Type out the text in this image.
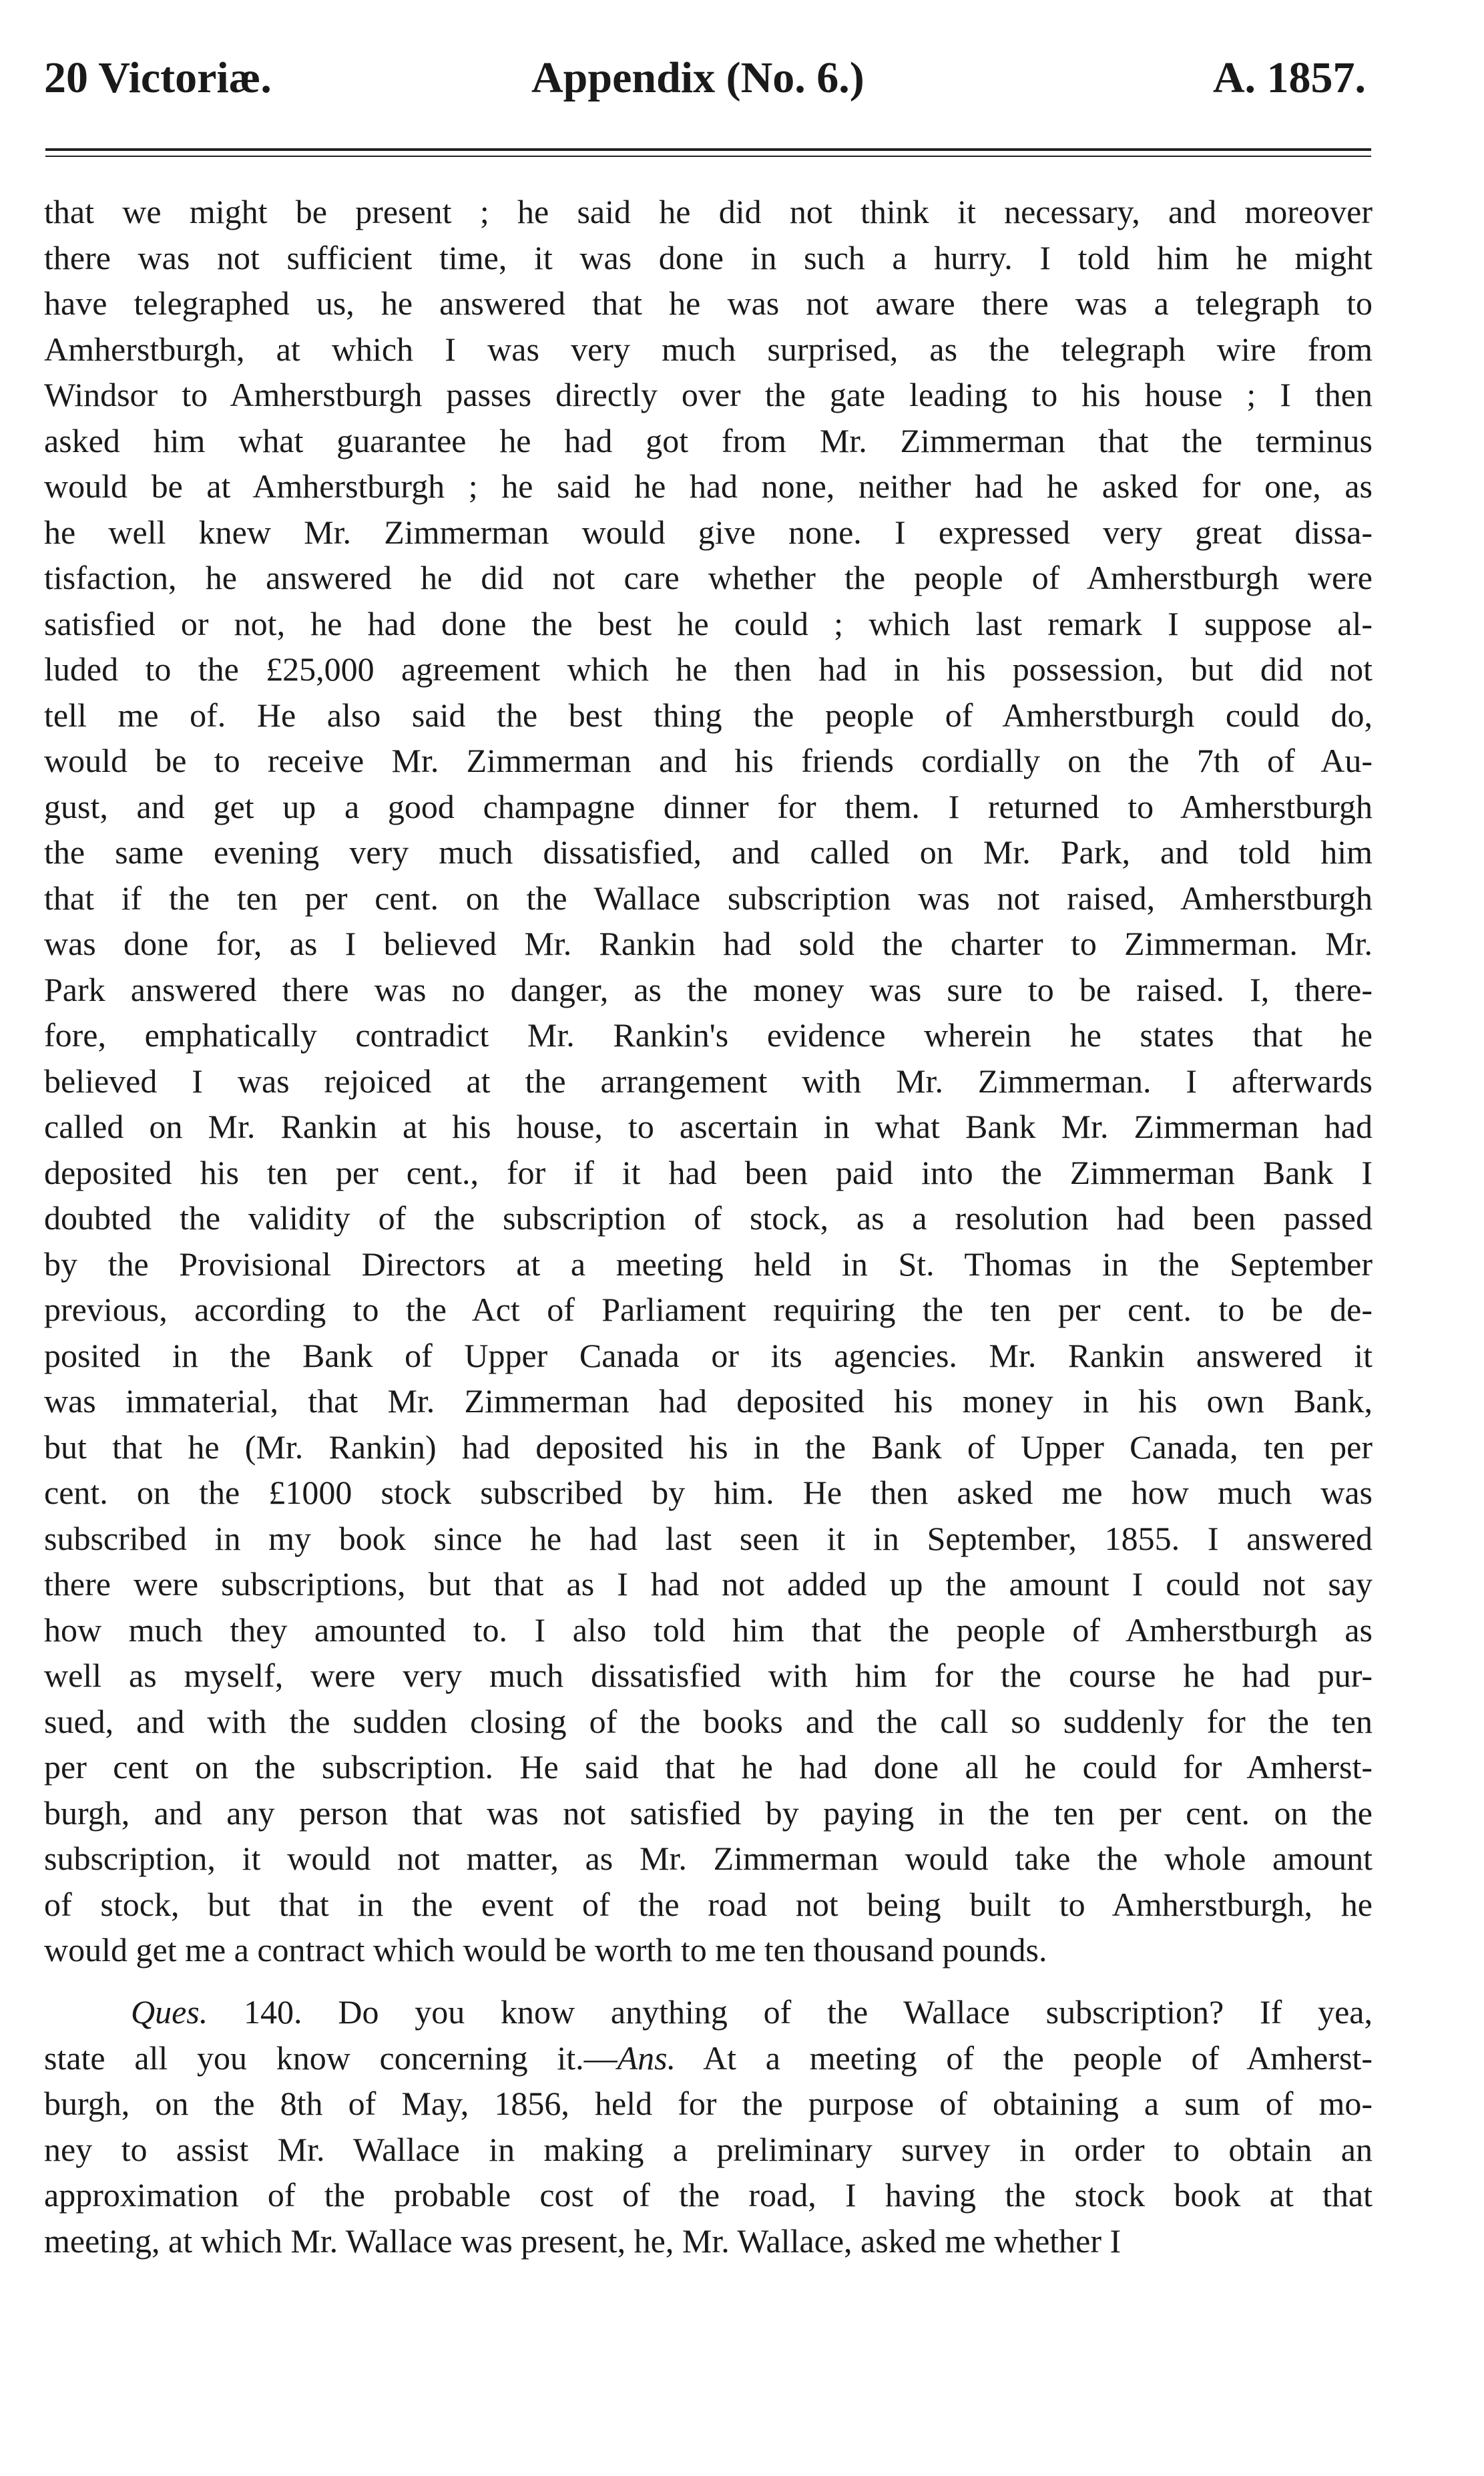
20 Victoriæ.	Appendix (No. 6.)	A. 1857.
that we might be present ; he said he did not think it necessary, and moreover
there was not sufficient time, it was done in such a hurry. I told him he might
have telegraphed us, he answered that he was not aware there was a telegraph to
Amherstburgh, at which I was very much surprised, as the telegraph wire from
Windsor to Amherstburgh passes directly over the gate leading to his house ; I then
asked him what guarantee he had got from Mr. Zimmerman that the terminus
would be at Amherstburgh ; he said he had none, neither had he asked for one, as
he well knew Mr. Zimmerman would give none. I expressed very great dissa-
tisfaction, he answered he did not care whether the people of Amherstburgh were
satisfied or not, he had done the best he could ; which last remark I suppose al-
luded to the £25,000 agreement which he then had in his possession, but did not
tell me of. He also said the best thing the people of Amherstburgh could do,
would be to receive Mr. Zimmerman and his friends cordially on the 7th of Au-
gust, and get up a good champagne dinner for them. I returned to Amherstburgh
the same evening very much dissatisfied, and called on Mr. Park, and told him
that if the ten per cent. on the Wallace subscription was not raised, Amherstburgh
was done for, as I believed Mr. Rankin had sold the charter to Zimmerman. Mr.
Park answered there was no danger, as the money was sure to be raised. I, there-
fore, emphatically contradict Mr. Rankin's evidence wherein he states that he
believed I was rejoiced at the arrangement with Mr. Zimmerman. I afterwards
called on Mr. Rankin at his house, to ascertain in what Bank Mr. Zimmerman had
deposited his ten per cent., for if it had been paid into the Zimmerman Bank I
doubted the validity of the subscription of stock, as a resolution had been passed
by the Provisional Directors at a meeting held in St. Thomas in the September
previous, according to the Act of Parliament requiring the ten per cent. to be de-
posited in the Bank of Upper Canada or its agencies. Mr. Rankin answered it
was immaterial, that Mr. Zimmerman had deposited his money in his own Bank,
but that he (Mr. Rankin) had deposited his in the Bank of Upper Canada, ten per
cent. on the £1000 stock subscribed by him. He then asked me how much was
subscribed in my book since he had last seen it in September, 1855. I answered
there were subscriptions, but that as I had not added up the amount I could not say
how much they amounted to. I also told him that the people of Amherstburgh as
well as myself, were very much dissatisfied with him for the course he had pur-
sued, and with the sudden closing of the books and the call so suddenly for the ten
per cent on the subscription. He said that he had done all he could for Amherst-
burgh, and any person that was not satisfied by paying in the ten per cent. on the
subscription, it would not matter, as Mr. Zimmerman would take the whole amount
of stock, but that in the event of the road not being built to Amherstburgh, he
would get me a contract which would be worth to me ten thousand pounds.
Ques. 140. Do you know anything of the Wallace subscription? If yea,
state all you know concerning it.—Ans. At a meeting of the people of Amherst-
burgh, on the 8th of May, 1856, held for the purpose of obtaining a sum of mo-
ney to assist Mr. Wallace in making a preliminary survey in order to obtain an
approximation of the probable cost of the road, I having the stock book at that
meeting, at which Mr. Wallace was present, he, Mr. Wallace, asked me whether I
